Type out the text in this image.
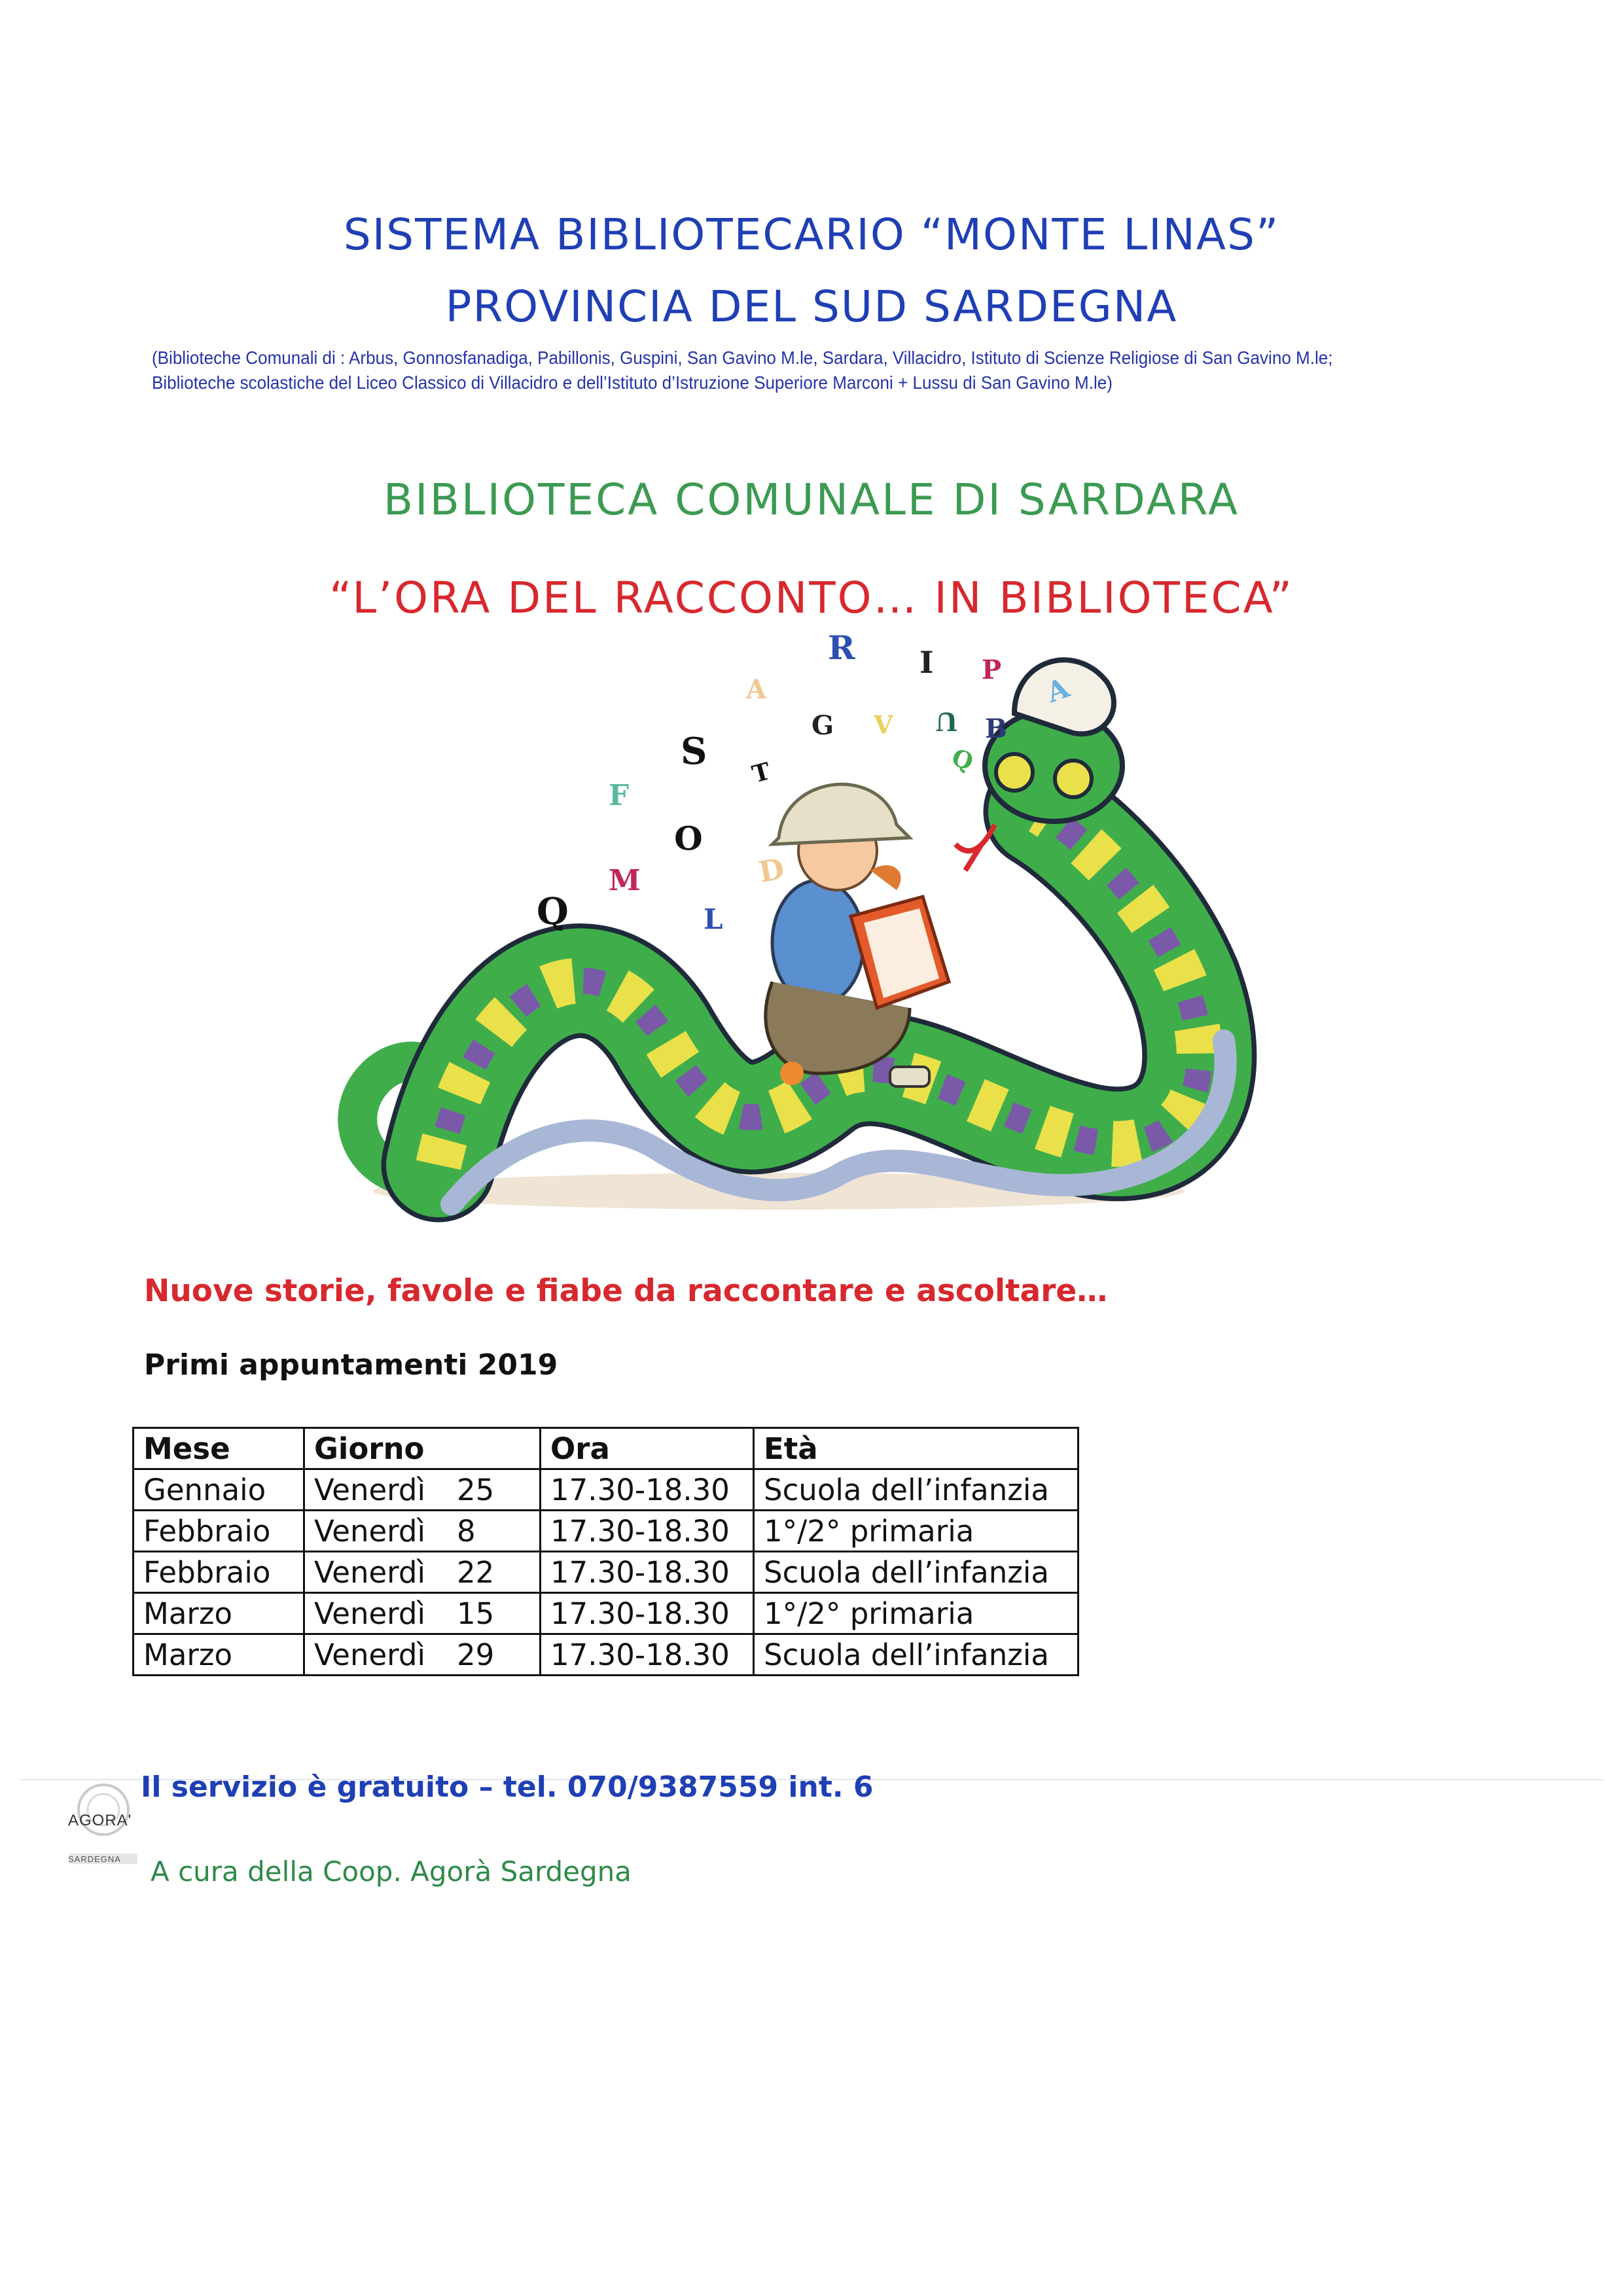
SISTEMA BIBLIOTECARIO “MONTE LINAS”
PROVINCIA DEL SUD SARDEGNA
(Biblioteche Comunali di : Arbus, Gonnosfanadiga, Pabillonis, Guspini, San Gavino M.le, Sardara, Villacidro, Istituto di Scienze Religiose di San Gavino M.le;
Biblioteche scolastiche del Liceo Classico di Villacidro e dell’Istituto d’Istruzione Superiore Marconi + Lussu di San Gavino M.le)
BIBLIOTECA COMUNALE DI SARDARA
“L’ORA DEL RACCONTO… IN BIBLIOTECA”
R I P
A
A
G V U B
S T	Q
F
O
D
M
L
Q
Nuove storie, favole e fiabe da raccontare e ascoltare…
Primi appuntamenti 2019
Mese	Giorno	Ora	Età
Gennaio	Venerdì 25	17.30-18.30	Scuola dell’infanzia
Febbraio	Venerdì 8	17.30-18.30	1°/2° primaria
Febbraio	Venerdì 22	17.30-18.30	Scuola dell’infanzia
Marzo	Venerdì 15	17.30-18.30	1°/2° primaria
Marzo	Venerdì 29	17.30-18.30	Scuola dell’infanzia
Il servizio è gratuito – tel. 070/9387559 int. 6
AGORA'
SARDEGNA A cura della Coop. Agorà Sardegna
